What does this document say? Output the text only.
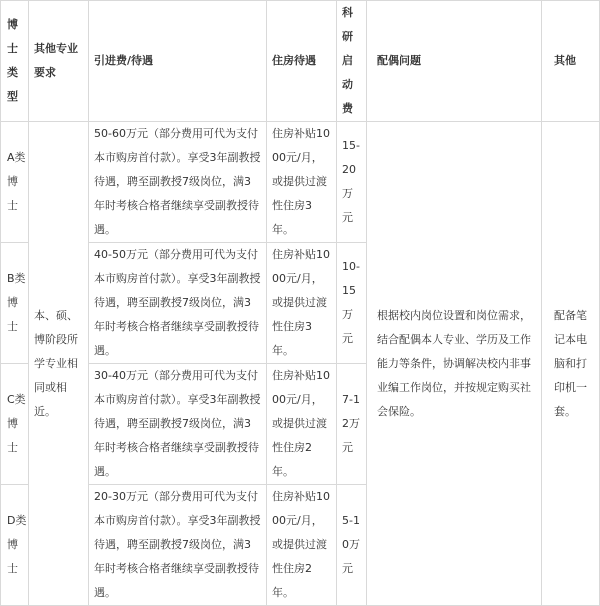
博士类型	其他专业要求	引进费/待遇	住房待遇	科研启动费	配偶问题	其他
A类博士	本、硕、博阶段所学专业相同或相近。	50-60万元（部分费用可代为支付本市购房首付款）。享受3年副教授待遇，聘至副教授7级岗位，满3年时考核合格者继续享受副教授待遇。	住房补贴1000元/月，或提供过渡性住房3年。	15-20万元	根据校内岗位设置和岗位需求，结合配偶本人专业、学历及工作能力等条件，协调解决校内非事业编工作岗位，并按规定购买社会保险。	配备笔记本电脑和打印机一套。
B类博士		40-50万元（部分费用可代为支付本市购房首付款）。享受3年副教授待遇，聘至副教授7级岗位，满3年时考核合格者继续享受副教授待遇。	住房补贴1000元/月，或提供过渡性住房3年。	10-15万元		
C类博士		30-40万元（部分费用可代为支付本市购房首付款）。享受3年副教授待遇，聘至副教授7级岗位，满3年时考核合格者继续享受副教授待遇。	住房补贴1000元/月，或提供过渡性住房2年。	7-12万元		
D类博士		20-30万元（部分费用可代为支付本市购房首付款）。享受3年副教授待遇，聘至副教授7级岗位，满3年时考核合格者继续享受副教授待遇。	住房补贴1000元/月，或提供过渡性住房2年。	5-10万元		
